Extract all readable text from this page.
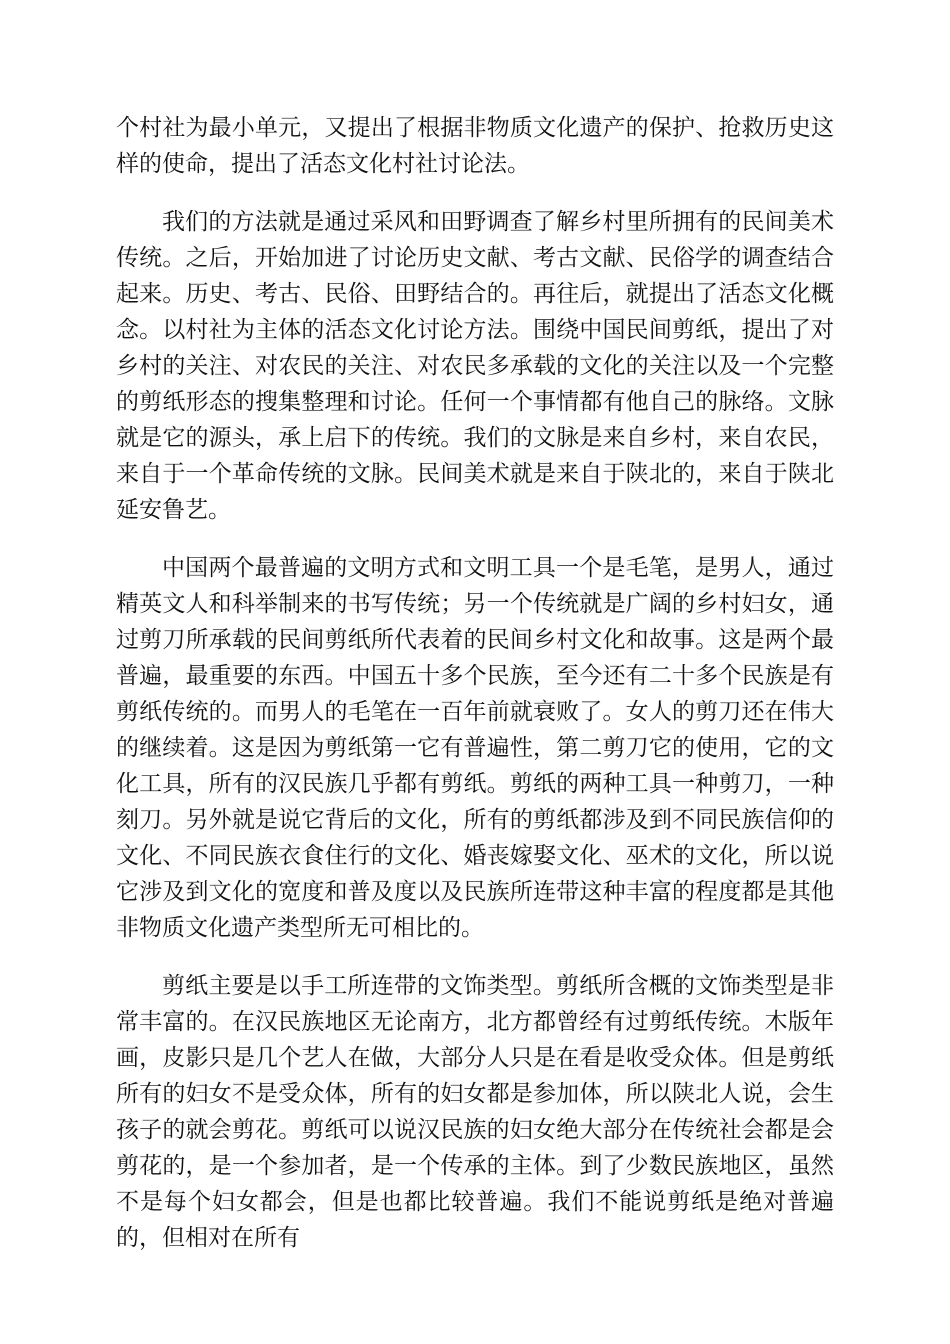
个村社为最小单元，又提出了根据非物质文化遗产的保护、抢救历史这样的使命，提出了活态文化村社讨论法。

我们的方法就是通过采风和田野调查了解乡村里所拥有的民间美术传统。之后，开始加进了讨论历史文献、考古文献、民俗学的调查结合起来。历史、考古、民俗、田野结合的。再往后，就提出了活态文化概念。以村社为主体的活态文化讨论方法。围绕中国民间剪纸，提出了对乡村的关注、对农民的关注、对农民多承载的文化的关注以及一个完整的剪纸形态的搜集整理和讨论。任何一个事情都有他自己的脉络。文脉就是它的源头，承上启下的传统。我们的文脉是来自乡村，来自农民，来自于一个革命传统的文脉。民间美术就是来自于陕北的，来自于陕北延安鲁艺。

中国两个最普遍的文明方式和文明工具一个是毛笔，是男人，通过精英文人和科举制来的书写传统；另一个传统就是广阔的乡村妇女，通过剪刀所承载的民间剪纸所代表着的民间乡村文化和故事。这是两个最普遍，最重要的东西。中国五十多个民族，至今还有二十多个民族是有剪纸传统的。而男人的毛笔在一百年前就衰败了。女人的剪刀还在伟大的继续着。这是因为剪纸第一它有普遍性，第二剪刀它的使用，它的文化工具，所有的汉民族几乎都有剪纸。剪纸的两种工具一种剪刀，一种刻刀。另外就是说它背后的文化，所有的剪纸都涉及到不同民族信仰的文化、不同民族衣食住行的文化、婚丧嫁娶文化、巫术的文化，所以说它涉及到文化的宽度和普及度以及民族所连带这种丰富的程度都是其他非物质文化遗产类型所无可相比的。

剪纸主要是以手工所连带的文饰类型。剪纸所含概的文饰类型是非常丰富的。在汉民族地区无论南方，北方都曾经有过剪纸传统。木版年画，皮影只是几个艺人在做，大部分人只是在看是收受众体。但是剪纸所有的妇女不是受众体，所有的妇女都是参加体，所以陕北人说，会生孩子的就会剪花。剪纸可以说汉民族的妇女绝大部分在传统社会都是会剪花的，是一个参加者，是一个传承的主体。到了少数民族地区，虽然不是每个妇女都会，但是也都比较普遍。我们不能说剪纸是绝对普遍的，但相对在所有
